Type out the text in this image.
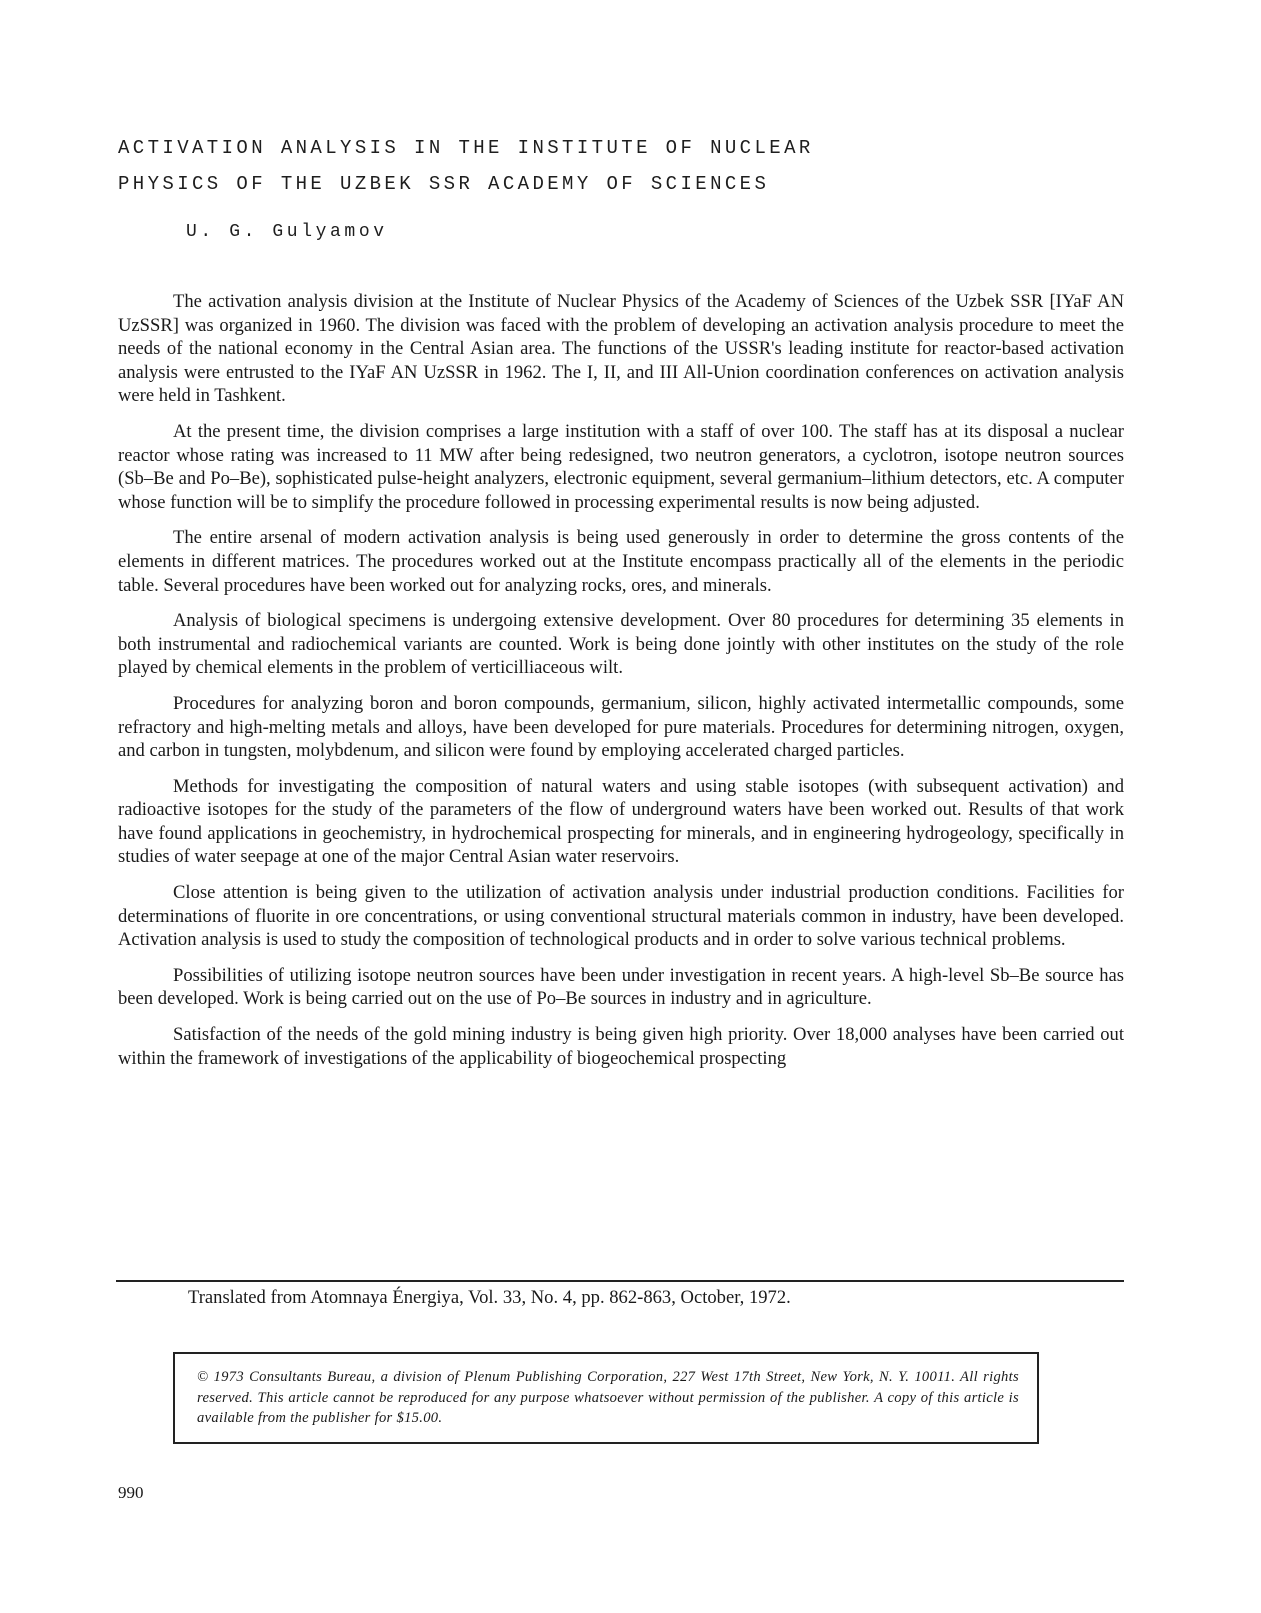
ACTIVATION ANALYSIS IN THE INSTITUTE OF NUCLEAR
PHYSICS OF THE UZBEK SSR ACADEMY OF SCIENCES
U. G. Gulyamov

The activation analysis division at the Institute of Nuclear Physics of the Academy of Sciences of the Uzbek SSR [IYaF AN UzSSR] was organized in 1960. The division was faced with the problem of developing an activation analysis procedure to meet the needs of the national economy in the Central Asian area. The functions of the USSR's leading institute for reactor-based activation analysis were entrusted to the IYaF AN UzSSR in 1962. The I, II, and III All-Union coordination conferences on activation analysis were held in Tashkent.

At the present time, the division comprises a large institution with a staff of over 100. The staff has at its disposal a nuclear reactor whose rating was increased to 11 MW after being redesigned, two neutron generators, a cyclotron, isotope neutron sources (Sb–Be and Po–Be), sophisticated pulse-height analyzers, electronic equipment, several germanium–lithium detectors, etc. A computer whose function will be to simplify the procedure followed in processing experimental results is now being adjusted.

The entire arsenal of modern activation analysis is being used generously in order to determine the gross contents of the elements in different matrices. The procedures worked out at the Institute encompass practically all of the elements in the periodic table. Several procedures have been worked out for analyzing rocks, ores, and minerals.

Analysis of biological specimens is undergoing extensive development. Over 80 procedures for determining 35 elements in both instrumental and radiochemical variants are counted. Work is being done jointly with other institutes on the study of the role played by chemical elements in the problem of verticilliaceous wilt.

Procedures for analyzing boron and boron compounds, germanium, silicon, highly activated intermetallic compounds, some refractory and high-melting metals and alloys, have been developed for pure materials. Procedures for determining nitrogen, oxygen, and carbon in tungsten, molybdenum, and silicon were found by employing accelerated charged particles.

Methods for investigating the composition of natural waters and using stable isotopes (with subsequent activation) and radioactive isotopes for the study of the parameters of the flow of underground waters have been worked out. Results of that work have found applications in geochemistry, in hydrochemical prospecting for minerals, and in engineering hydrogeology, specifically in studies of water seepage at one of the major Central Asian water reservoirs.

Close attention is being given to the utilization of activation analysis under industrial production conditions. Facilities for determinations of fluorite in ore concentrations, or using conventional structural materials common in industry, have been developed. Activation analysis is used to study the composition of technological products and in order to solve various technical problems.

Possibilities of utilizing isotope neutron sources have been under investigation in recent years. A high-level Sb–Be source has been developed. Work is being carried out on the use of Po–Be sources in industry and in agriculture.

Satisfaction of the needs of the gold mining industry is being given high priority. Over 18,000 analyses have been carried out within the framework of investigations of the applicability of biogeochemical prospecting

Translated from Atomnaya Énergiya, Vol. 33, No. 4, pp. 862-863, October, 1972.
© 1973 Consultants Bureau, a division of Plenum Publishing Corporation, 227 West 17th Street, New York, N. Y. 10011. All rights reserved. This article cannot be reproduced for any purpose whatsoever without permission of the publisher. A copy of this article is available from the publisher for $15.00.
990
